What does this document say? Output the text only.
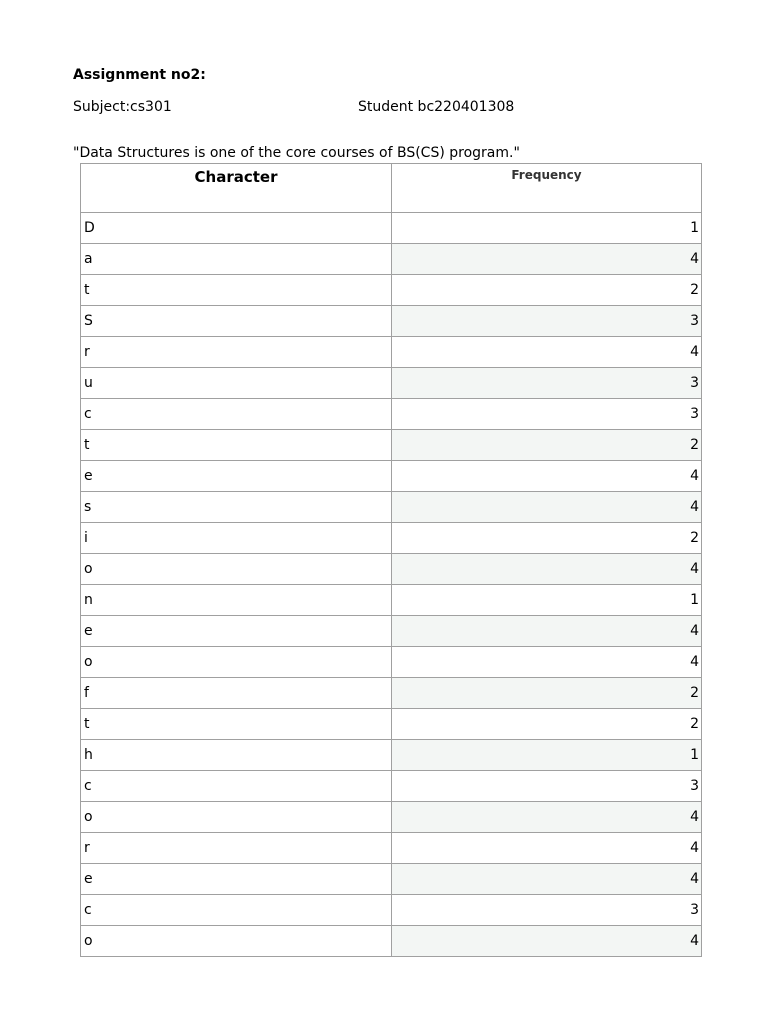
Assignment no2:
Subject:cs301	Student bc220401308
"Data Structures is one of the core courses of BS(CS) program."
Character	Frequency
D	1
a	4
t	2
S	3
r	4
u	3
c	3
t	2
e	4
s	4
i	2
o	4
n	1
e	4
o	4
f	2
t	2
h	1
c	3
o	4
r	4
e	4
c	3
o	4
